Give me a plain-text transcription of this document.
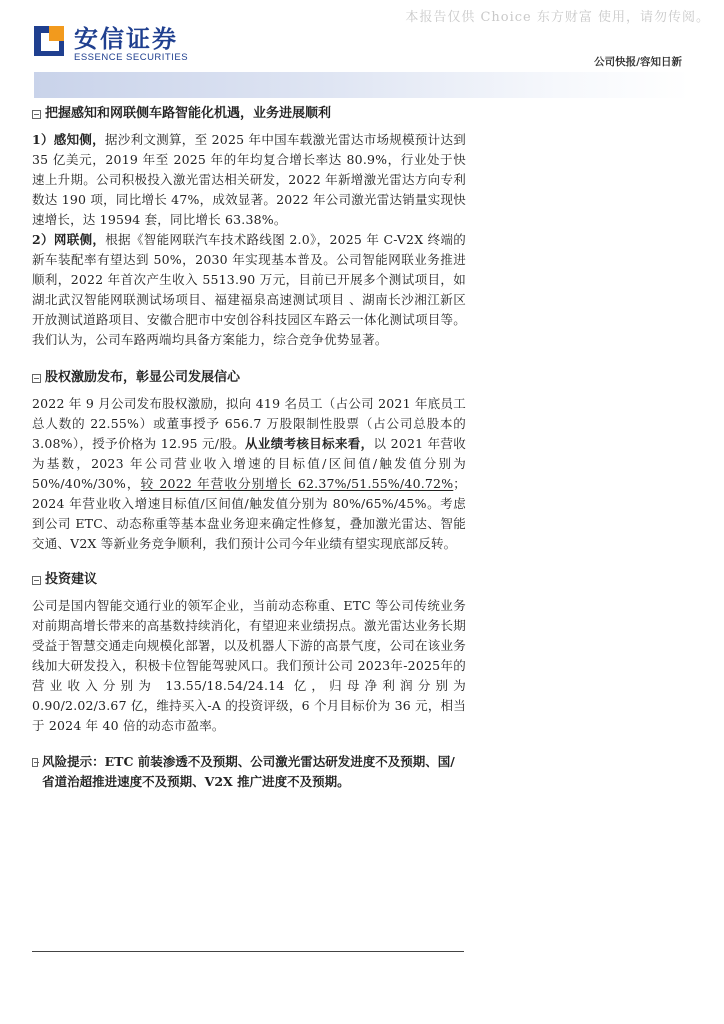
本报告仅供 Choice 东方财富 使用，请勿传阅。
安信证券
ESSENCE SECURITIES	公司快报/容知日新
把握感知和网联侧车路智能化机遇，业务进展顺利

1）感知侧，据沙利文测算，至 2025 年中国车载激光雷达市场规模预计达到 35 亿美元，2019 年至 2025 年的年均复合增长率达 80.9%，行业处于快速上升期。公司积极投入激光雷达相关研发，2022 年新增激光雷达方向专利数达 190 项，同比增长 47%，成效显著。2022 年公司激光雷达销量实现快速增长，达 19594 套，同比增长 63.38%。

2）网联侧，根据《智能网联汽车技术路线图 2.0》，2025 年 C-V2X 终端的新车装配率有望达到 50%，2030 年实现基本普及。公司智能网联业务推进顺利，2022 年首次产生收入 5513.90 万元，目前已开展多个测试项目，如湖北武汉智能网联测试场项目、福建福泉高速测试项目 、湖南长沙湘江新区开放测试道路项目、安徽合肥市中安创谷科技园区车路云一体化测试项目等。我们认为，公司车路两端均具备方案能力，综合竞争优势显著。

股权激励发布，彰显公司发展信心

2022 年 9 月公司发布股权激励，拟向 419 名员工（占公司 2021 年底员工总人数的 22.55%）或董事授予 656.7 万股限制性股票（占公司总股本的 3.08%），授予价格为 12.95 元/股。从业绩考核目标来看，以 2021 年营收为基数，2023 年公司营业收入增速的目标值/区间值/触发值分别为 50%/40%/30%，较 2022 年营收分别增长 62.37%/51.55%/40.72%；2024 年营业收入增速目标值/区间值/触发值分别为 80%/65%/45%。考虑到公司 ETC、动态称重等基本盘业务迎来确定性修复，叠加激光雷达、智能交通、V2X 等新业务竞争顺利，我们预计公司今年业绩有望实现底部反转。

投资建议

公司是国内智能交通行业的领军企业，当前动态称重、ETC 等公司传统业务对前期高增长带来的高基数持续消化，有望迎来业绩拐点。激光雷达业务长期受益于智慧交通走向规模化部署，以及机器人下游的高景气度，公司在该业务线加大研发投入，积极卡位智能驾驶风口。我们预计公司 2023年-2025年的营业收入分别为 13.55/18.54/24.14 亿，归母净利润分别为 0.90/2.02/3.67 亿，维持买入-A 的投资评级，6 个月目标价为 36 元，相当于 2024 年 40 倍的动态市盈率。

风险提示：ETC 前装渗透不及预期、公司激光雷达研发进度不及预期、国/省道治超推进速度不及预期、V2X 推广进度不及预期。
